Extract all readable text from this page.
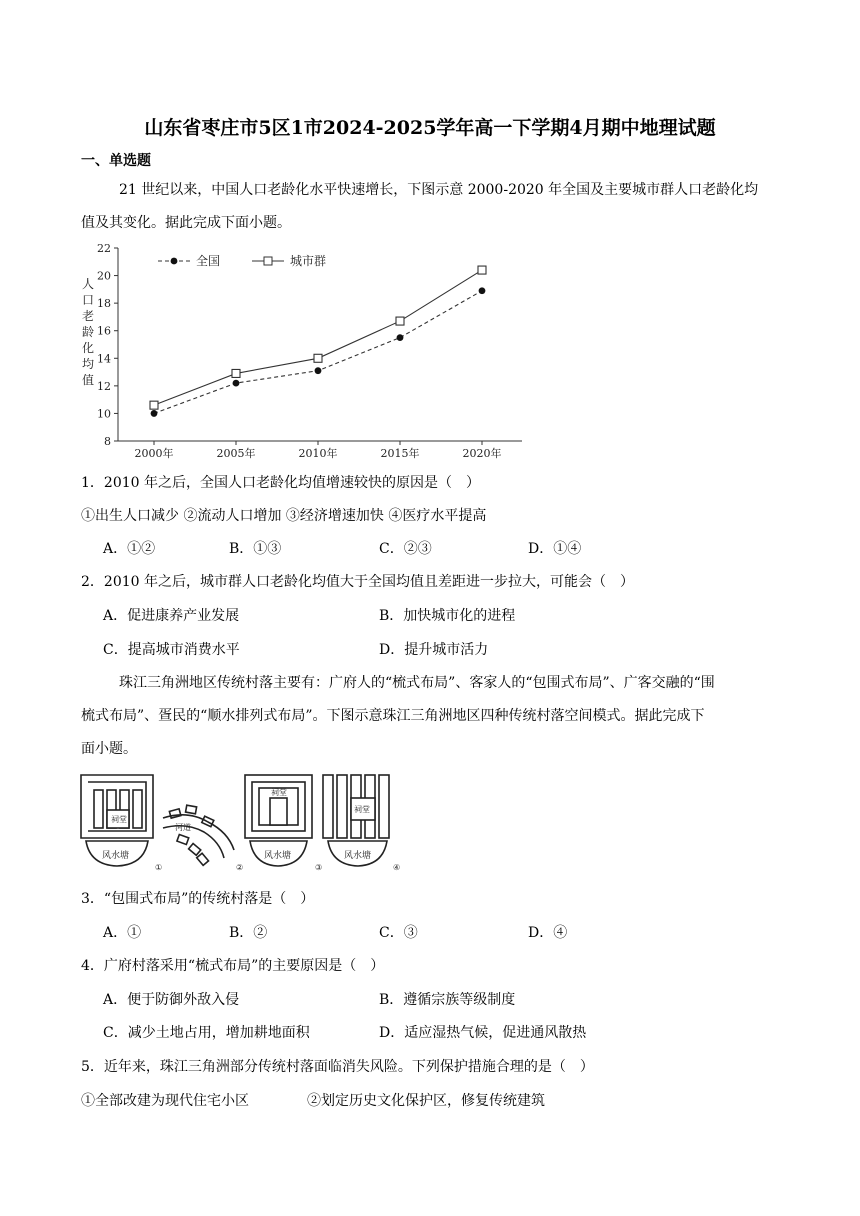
山东省枣庄市5区1市2024-2025学年高一下学期4月期中地理试题
一、单选题
21 世纪以来，中国人口老龄化水平快速增长，下图示意 2000-2020 年全国及主要城市群人口老龄化均
值及其变化。据此完成下面小题。
8
10
12
14
16
18
20
22
2000年	2005年	2010年	2015年	2020年
全国	城市群
人
口
老
龄
化
均
值
1．2010 年之后，全国人口老龄化均值增速较快的原因是（　）
①出生人口减少 ②流动人口增加 ③经济增速加快 ④医疗水平提高
A．①②	B．①③	C．②③	D．①④
2．2010 年之后，城市群人口老龄化均值大于全国均值且差距进一步拉大，可能会（　）
A．促进康养产业发展	B．加快城市化的进程
C．提高城市消费水平	D．提升城市活力
珠江三角洲地区传统村落主要有：广府人的“梳式布局”、客家人的“包围式布局”、广客交融的“围
梳式布局”、疍民的“顺水排列式布局”。下图示意珠江三角洲地区四种传统村落空间模式。据此完成下
面小题。
风水塘	风水塘	风水塘
祠堂
祠堂
祠堂
河道
①	②	③	④
3．“包围式布局”的传统村落是（　）
A．①	B．②	C．③	D．④
4．广府村落采用“梳式布局”的主要原因是（　）
A．便于防御外敌入侵	B．遵循宗族等级制度
C．减少土地占用，增加耕地面积	D．适应湿热气候，促进通风散热
5．近年来，珠江三角洲部分传统村落面临消失风险。下列保护措施合理的是（　）
①全部改建为现代住宅小区	②划定历史文化保护区，修复传统建筑
